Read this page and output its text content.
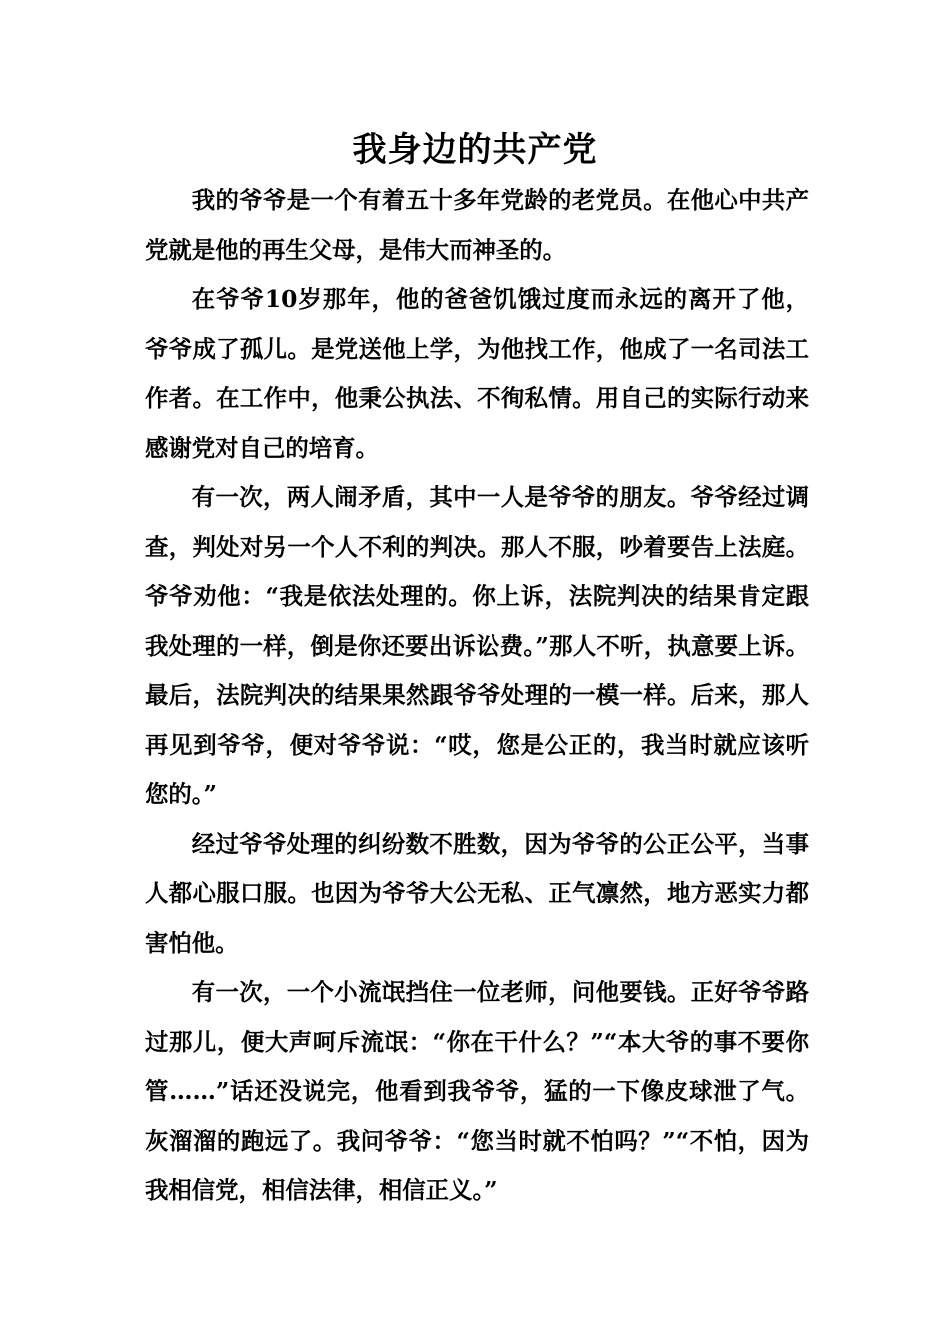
我身边的共产党

我的爷爷是一个有着五十多年党龄的老党员。在他心中共产党就是他的再生父母，是伟大而神圣的。

在爷爷10岁那年，他的爸爸饥饿过度而永远的离开了他，爷爷成了孤儿。是党送他上学，为他找工作，他成了一名司法工作者。在工作中，他秉公执法、不徇私情。用自己的实际行动来感谢党对自己的培育。

有一次，两人闹矛盾，其中一人是爷爷的朋友。爷爷经过调查，判处对另一个人不利的判决。那人不服，吵着要告上法庭。爷爷劝他：“我是依法处理的。你上诉，法院判决的结果肯定跟我处理的一样，倒是你还要出诉讼费。”那人不听，执意要上诉。最后，法院判决的结果果然跟爷爷处理的一模一样。后来，那人再见到爷爷，便对爷爷说：“哎，您是公正的，我当时就应该听您的。”

经过爷爷处理的纠纷数不胜数，因为爷爷的公正公平，当事人都心服口服。也因为爷爷大公无私、正气凛然，地方恶实力都害怕他。

有一次，一个小流氓挡住一位老师，问他要钱。正好爷爷路过那儿，便大声呵斥流氓：“你在干什么？”“本大爷的事不要你管……”话还没说完，他看到我爷爷，猛的一下像皮球泄了气。灰溜溜的跑远了。我问爷爷：“您当时就不怕吗？”“不怕，因为我相信党，相信法律，相信正义。”
